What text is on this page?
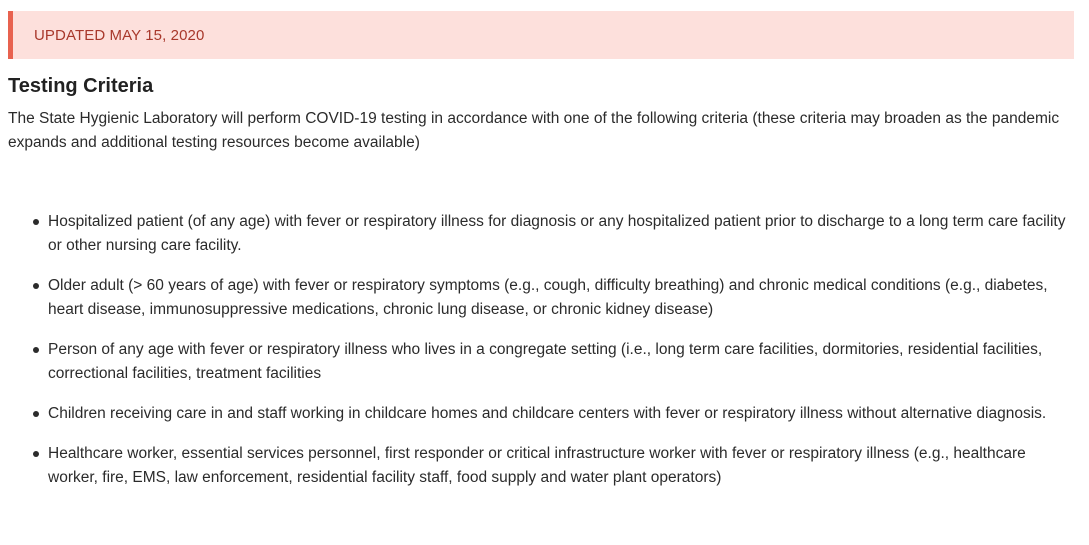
UPDATED MAY 15, 2020
Testing Criteria

The State Hygienic Laboratory will perform COVID-19 testing in accordance with one of the following criteria (these criteria may broaden as the pandemic expands and additional testing resources become available)

Hospitalized patient (of any age) with fever or respiratory illness for diagnosis or any hospitalized patient prior to discharge to a long term care facility or other nursing care facility.
Older adult (> 60 years of age) with fever or respiratory symptoms (e.g., cough, difficulty breathing) and chronic medical conditions (e.g., diabetes, heart disease, immunosuppressive medications, chronic lung disease, or chronic kidney disease)
Person of any age with fever or respiratory illness who lives in a congregate setting (i.e., long term care facilities, dormitories, residential facilities, correctional facilities, treatment facilities
Children receiving care in and staff working in childcare homes and childcare centers with fever or respiratory illness without alternative diagnosis.
Healthcare worker, essential services personnel, first responder or critical infrastructure worker with fever or respiratory illness (e.g., healthcare worker, fire, EMS, law enforcement, residential facility staff, food supply and water plant operators)
